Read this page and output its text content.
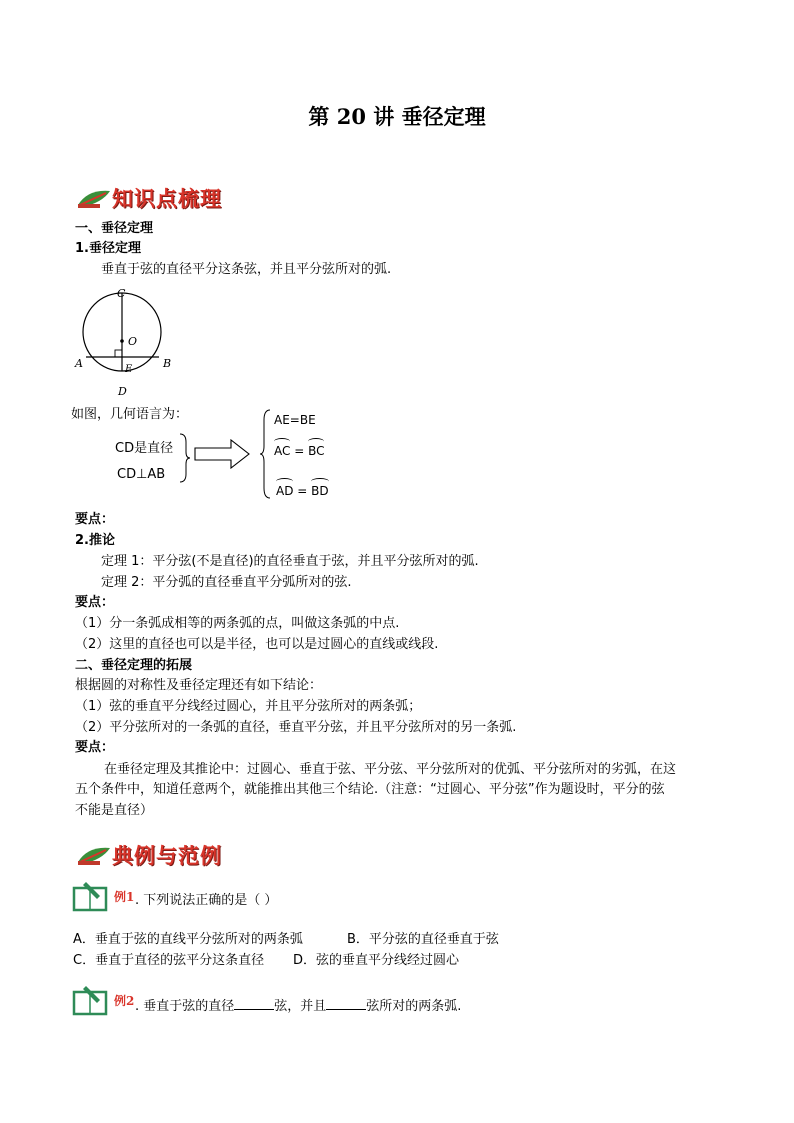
第 20 讲 垂径定理
知识点梳理
一、垂径定理
1.垂径定理
垂直于弦的直径平分这条弦，并且平分弦所对的弧.
C
O
A	B
E
D
如图，几何语言为：
CD是直径
CD⊥AB
AE=BE
AC = BC
AD = BD
要点：
2.推论
定理 1：平分弦(不是直径)的直径垂直于弦，并且平分弦所对的弧.
定理 2：平分弧的直径垂直平分弧所对的弦.
要点：
（1）分一条弧成相等的两条弧的点，叫做这条弧的中点.
（2）这里的直径也可以是半径，也可以是过圆心的直线或线段.
二、垂径定理的拓展
根据圆的对称性及垂径定理还有如下结论：
（1）弦的垂直平分线经过圆心，并且平分弦所对的两条弧；
（2）平分弦所对的一条弧的直径，垂直平分弦，并且平分弦所对的另一条弧.
要点：
在垂径定理及其推论中：过圆心、垂直于弦、平分弦、平分弦所对的优弧、平分弦所对的劣弧，在这
五个条件中，知道任意两个，就能推出其他三个结论.（注意：“过圆心、平分弦”作为题设时，平分的弦
不能是直径）
典例与范例
例1 . 下列说法正确的是（ ）
A．垂直于弦的直线平分弦所对的两条弧	B．平分弦的直径垂直于弦
C．垂直于直径的弦平分这条直径 D．弦的垂直平分线经过圆心
例2 . 垂直于弦的直径	弦，并且	弦所对的两条弧.
